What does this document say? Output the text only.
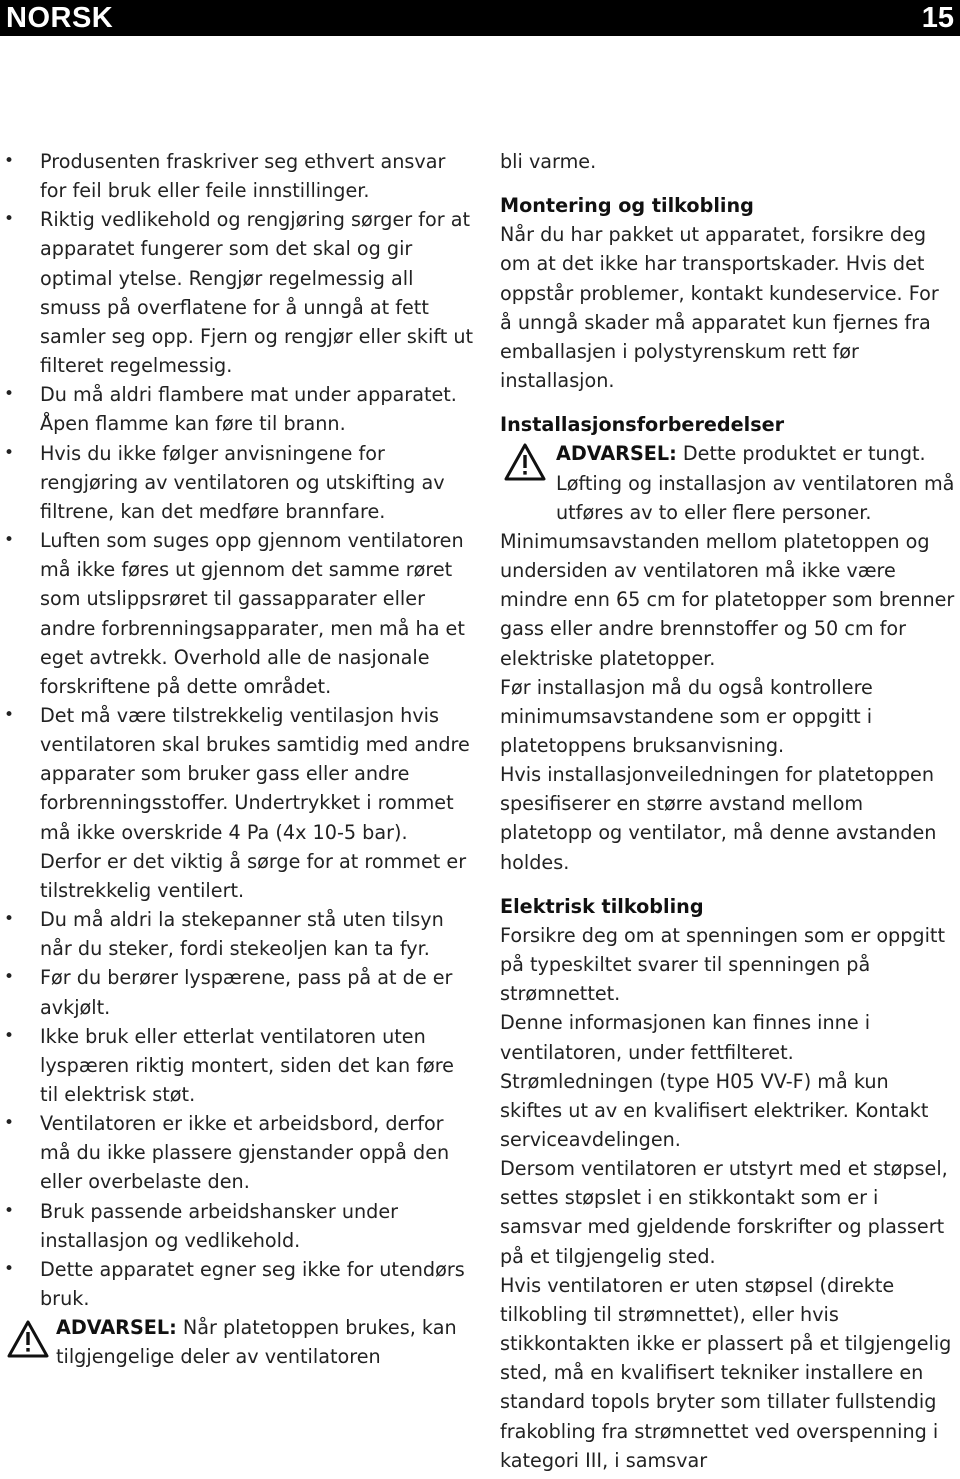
NORSK	15
• Produsenten fraskriver seg ethvert ansvar for feil bruk eller feile innstillinger.
• Riktig vedlikehold og rengjøring sørger for at apparatet fungerer som det skal og gir optimal ytelse. Rengjør regelmessig all smuss på overflatene for å unngå at fett samler seg opp. Fjern og rengjør eller skift ut filteret regelmessig.
• Du må aldri flambere mat under apparatet. Åpen flamme kan føre til brann.
• Hvis du ikke følger anvisningene for rengjøring av ventilatoren og utskifting av filtrene, kan det medføre brannfare.
• Luften som suges opp gjennom ventilatoren må ikke føres ut gjennom det samme røret som utslippsrøret til gassapparater eller andre forbrenningsapparater, men må ha et eget avtrekk. Overhold alle de nasjonale forskriftene på dette området.
• Det må være tilstrekkelig ventilasjon hvis ventilatoren skal brukes samtidig med andre apparater som bruker gass eller andre forbrenningsstoffer. Undertrykket i rommet må ikke overskride 4 Pa (4x 10-5 bar). Derfor er det viktig å sørge for at rommet er tilstrekkelig ventilert.
• Du må aldri la stekepanner stå uten tilsyn når du steker, fordi stekeoljen kan ta fyr.
• Før du berører lyspærene, pass på at de er avkjølt.
• Ikke bruk eller etterlat ventilatoren uten lyspæren riktig montert, siden det kan føre til elektrisk støt.
• Ventilatoren er ikke et arbeidsbord, derfor må du ikke plassere gjenstander oppå den eller overbelaste den.
• Bruk passende arbeidshansker under installasjon og vedlikehold.
• Dette apparatet egner seg ikke for utendørs bruk.
ADVARSEL: Når platetoppen brukes, kan tilgjengelige deler av ventilatoren

bli varme.

Montering og tilkobling

Når du har pakket ut apparatet, forsikre deg om at det ikke har transportskader. Hvis det oppstår problemer, kontakt kundeservice. For å unngå skader må apparatet kun fjernes fra emballasjen i polystyrenskum rett før installasjon.

Installasjonsforberedelser

ADVARSEL: Dette produktet er tungt. Løfting og installasjon av ventilatoren må utføres av to eller flere personer.

Minimumsavstanden mellom platetoppen og undersiden av ventilatoren må ikke være mindre enn 65 cm for platetopper som brenner gass eller andre brennstoffer og 50 cm for elektriske platetopper.

Før installasjon må du også kontrollere minimumsavstandene som er oppgitt i platetoppens bruksanvisning.

Hvis installasjonveiledningen for platetoppen spesifiserer en større avstand mellom platetopp og ventilator, må denne avstanden holdes.

Elektrisk tilkobling

Forsikre deg om at spenningen som er oppgitt på typeskiltet svarer til spenningen på strømnettet.

Denne informasjonen kan finnes inne i ventilatoren, under fettfilteret.

Strømledningen (type H05 VV-F) må kun skiftes ut av en kvalifisert elektriker. Kontakt serviceavdelingen.

Dersom ventilatoren er utstyrt med et støpsel, settes støpslet i en stikkontakt som er i samsvar med gjeldende forskrifter og plassert på et tilgjengelig sted.

Hvis ventilatoren er uten støpsel (direkte tilkobling til strømnettet), eller hvis stikkontakten ikke er plassert på et tilgjengelig sted, må en kvalifisert tekniker installere en standard topols bryter som tillater fullstendig frakobling fra strømnettet ved overspenning i kategori III, i samsvar
